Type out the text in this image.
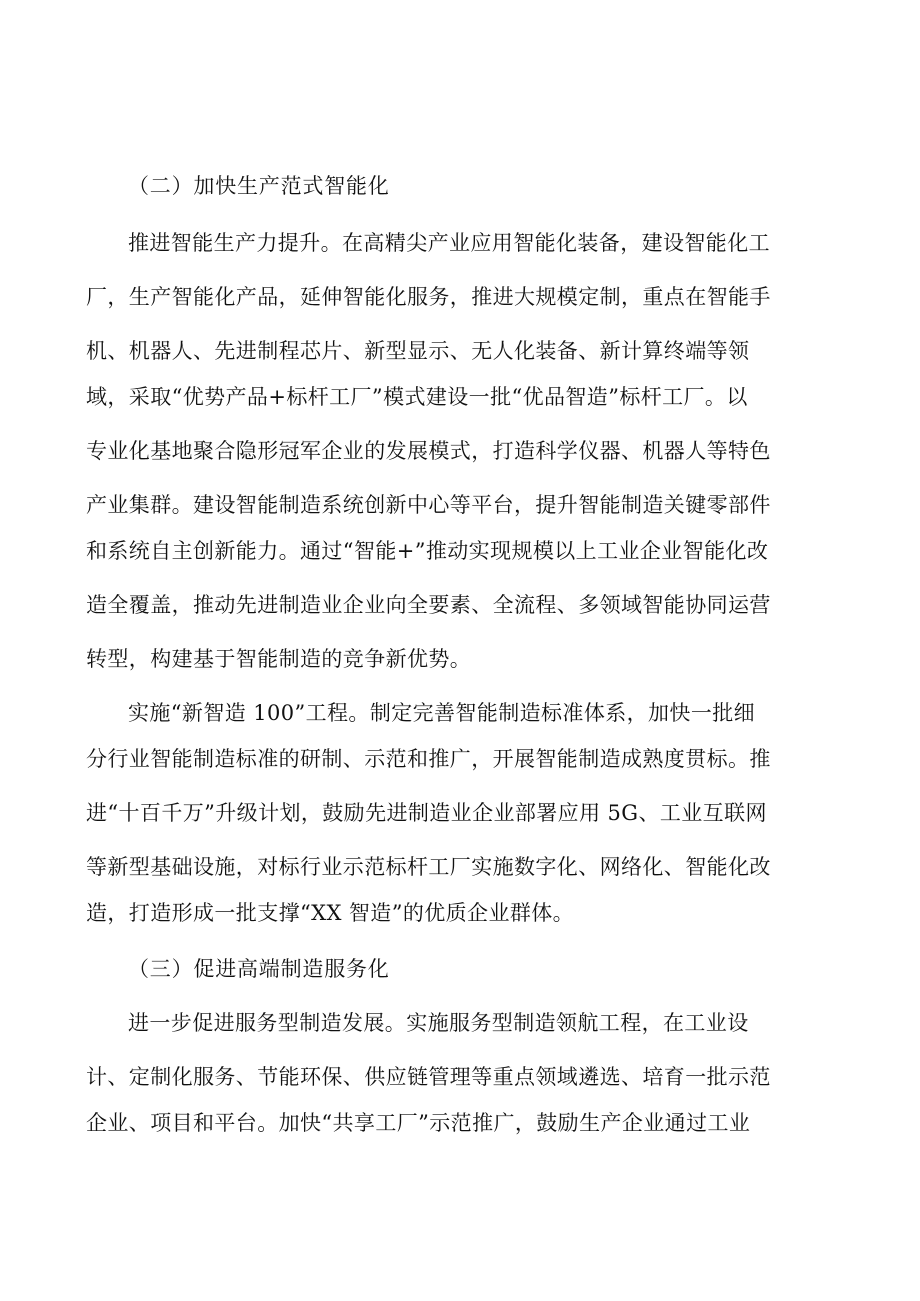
（二）加快生产范式智能化
推进智能生产力提升。在高精尖产业应用智能化装备，建设智能化工
厂，生产智能化产品，延伸智能化服务，推进大规模定制，重点在智能手
机、机器人、先进制程芯片、新型显示、无人化装备、新计算终端等领
域，采取“优势产品+标杆工厂”模式建设一批“优品智造”标杆工厂。以
专业化基地聚合隐形冠军企业的发展模式，打造科学仪器、机器人等特色
产业集群。建设智能制造系统创新中心等平台，提升智能制造关键零部件
和系统自主创新能力。通过“智能+”推动实现规模以上工业企业智能化改
造全覆盖，推动先进制造业企业向全要素、全流程、多领域智能协同运营
转型，构建基于智能制造的竞争新优势。
实施“新智造 100”工程。制定完善智能制造标准体系，加快一批细
分行业智能制造标准的研制、示范和推广，开展智能制造成熟度贯标。推
进“十百千万”升级计划，鼓励先进制造业企业部署应用 5G、工业互联网
等新型基础设施，对标行业示范标杆工厂实施数字化、网络化、智能化改
造，打造形成一批支撑“XX 智造”的优质企业群体。
（三）促进高端制造服务化
进一步促进服务型制造发展。实施服务型制造领航工程，在工业设
计、定制化服务、节能环保、供应链管理等重点领域遴选、培育一批示范
企业、项目和平台。加快“共享工厂”示范推广，鼓励生产企业通过工业
